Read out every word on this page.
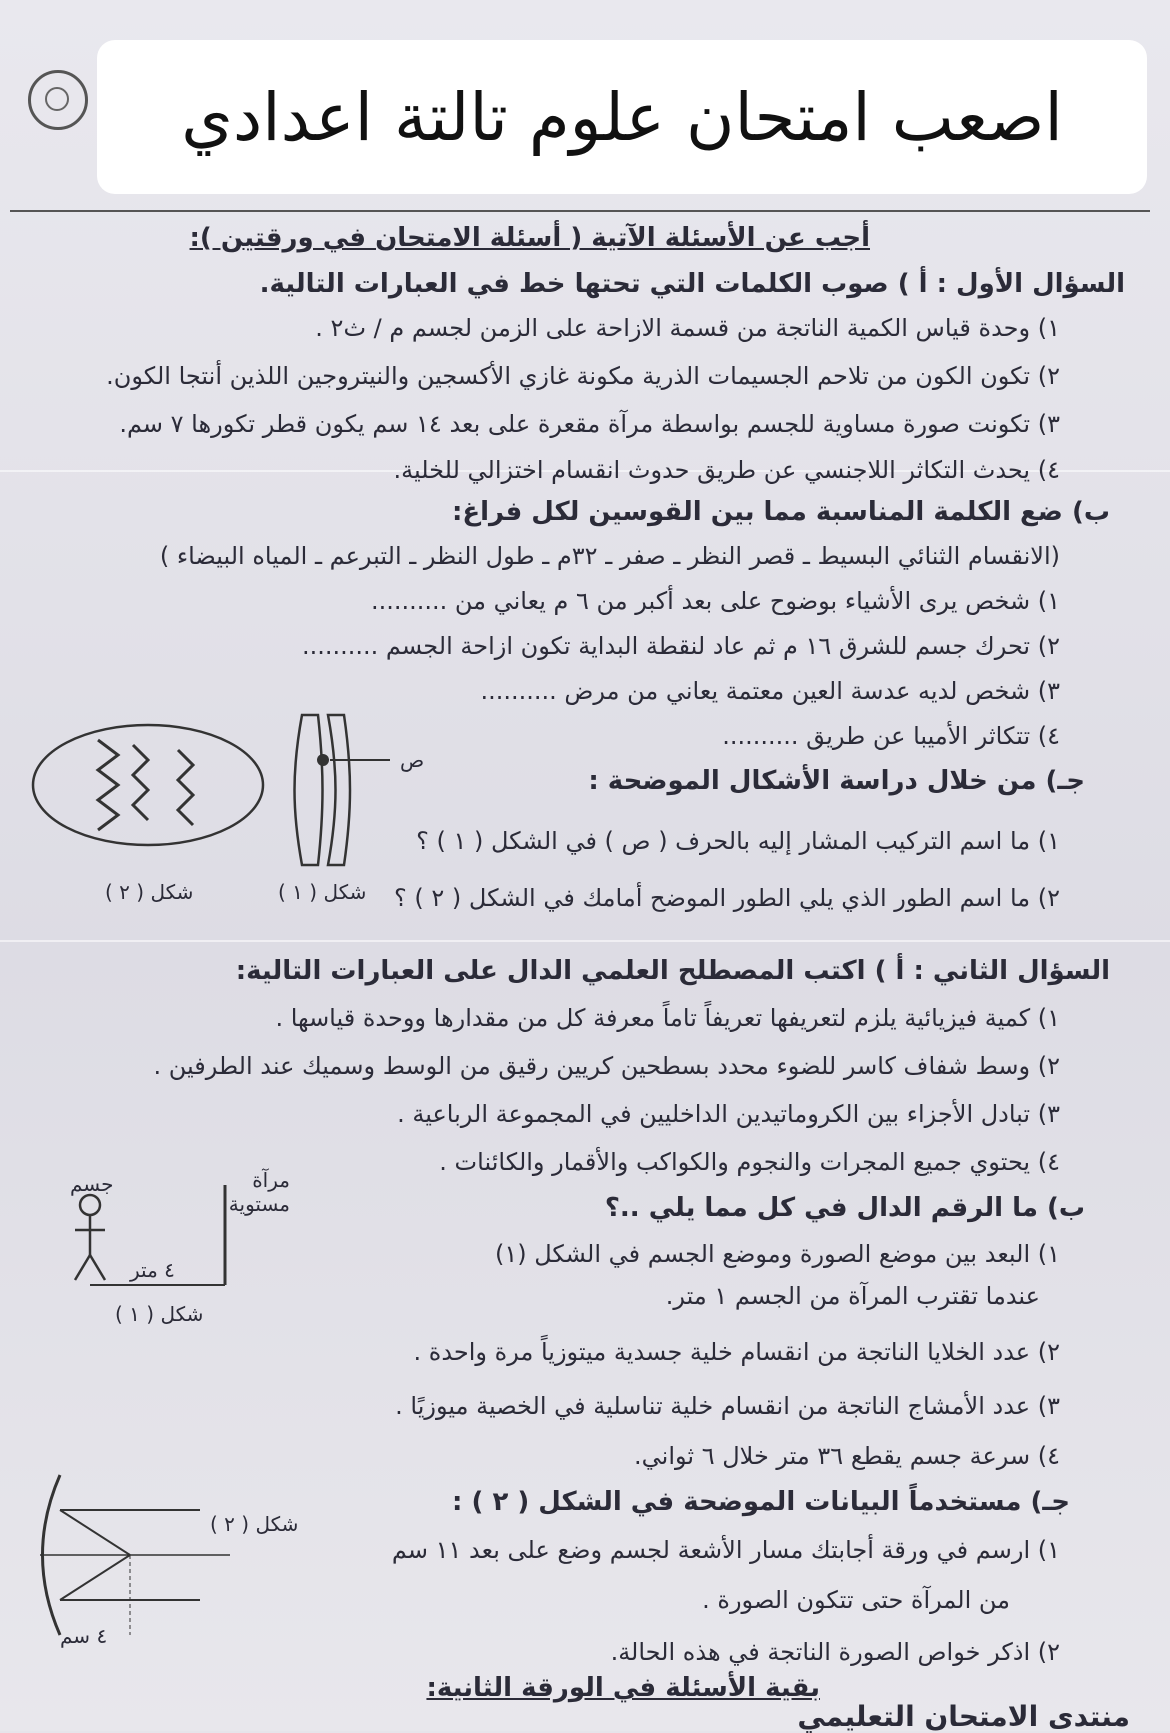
اصعب امتحان علوم تالتة اعدادي
أجب عن الأسئلة الآتية ( أسئلة الامتحان في ورقتين ):
السؤال الأول : أ ) صوب الكلمات التي تحتها خط في العبارات التالية.
١) وحدة قياس الكمية الناتجة من قسمة الازاحة على الزمن لجسم م / ث٢ .
٢) تكون الكون من تلاحم الجسيمات الذرية مكونة غازي الأكسجين والنيتروجين اللذين أنتجا الكون.
٣) تكونت صورة مساوية للجسم بواسطة مرآة مقعرة على بعد ١٤ سم يكون قطر تكورها ٧ سم.
٤) يحدث التكاثر اللاجنسي عن طريق حدوث انقسام اختزالي للخلية.
ب) ضع الكلمة المناسبة مما بين القوسين لكل فراغ:
(الانقسام الثنائي البسيط ـ قصر النظر ـ صفر ـ ٣٢م ـ طول النظر ـ التبرعم ـ المياه البيضاء )
١) شخص يرى الأشياء بوضوح على بعد أكبر من ٦ م يعاني من ..........
٢) تحرك جسم للشرق ١٦ م ثم عاد لنقطة البداية تكون ازاحة الجسم ..........
٣) شخص لديه عدسة العين معتمة يعاني من مرض ..........
٤) تتكاثر الأميبا عن طريق ..........
جـ) من خلال دراسة الأشكال الموضحة :
١) ما اسم التركيب المشار إليه بالحرف ( ص ) في الشكل ( ١ ) ؟
٢) ما اسم الطور الذي يلي الطور الموضح أمامك في الشكل ( ٢ ) ؟
شكل ( ٢ )
ص
شكل ( ١ )
السؤال الثاني : أ ) اكتب المصطلح العلمي الدال على العبارات التالية:
١) كمية فيزيائية يلزم لتعريفها تعريفاً تاماً معرفة كل من مقدارها ووحدة قياسها .
٢) وسط شفاف كاسر للضوء محدد بسطحين كريين رقيق من الوسط وسميك عند الطرفين .
٣) تبادل الأجزاء بين الكروماتيدين الداخليين في المجموعة الرباعية .
٤) يحتوي جميع المجرات والنجوم والكواكب والأقمار والكائنات .
ب) ما الرقم الدال في كل مما يلي ..؟
١) البعد بين موضع الصورة وموضع الجسم في الشكل (١)
عندما تقترب المرآة من الجسم ١ متر.
٢) عدد الخلايا الناتجة من انقسام خلية جسدية ميتوزياً مرة واحدة .
٣) عدد الأمشاج الناتجة من انقسام خلية تناسلية في الخصية ميوزيًا .
٤) سرعة جسم يقطع ٣٦ متر خلال ٦ ثواني.
جـ) مستخدماً البيانات الموضحة في الشكل ( ٢ ) :
١) ارسم في ورقة أجابتك مسار الأشعة لجسم وضع على بعد ١١ سم
من المرآة حتى تتكون الصورة .
٢) اذكر خواص الصورة الناتجة في هذه الحالة.
بقية الأسئلة في الورقة الثانية:
جسم	مرآة مستوية
٤ متر
شكل ( ١ )
شكل ( ٢ )
٤ سم
منتدى الامتحان التعليمي
